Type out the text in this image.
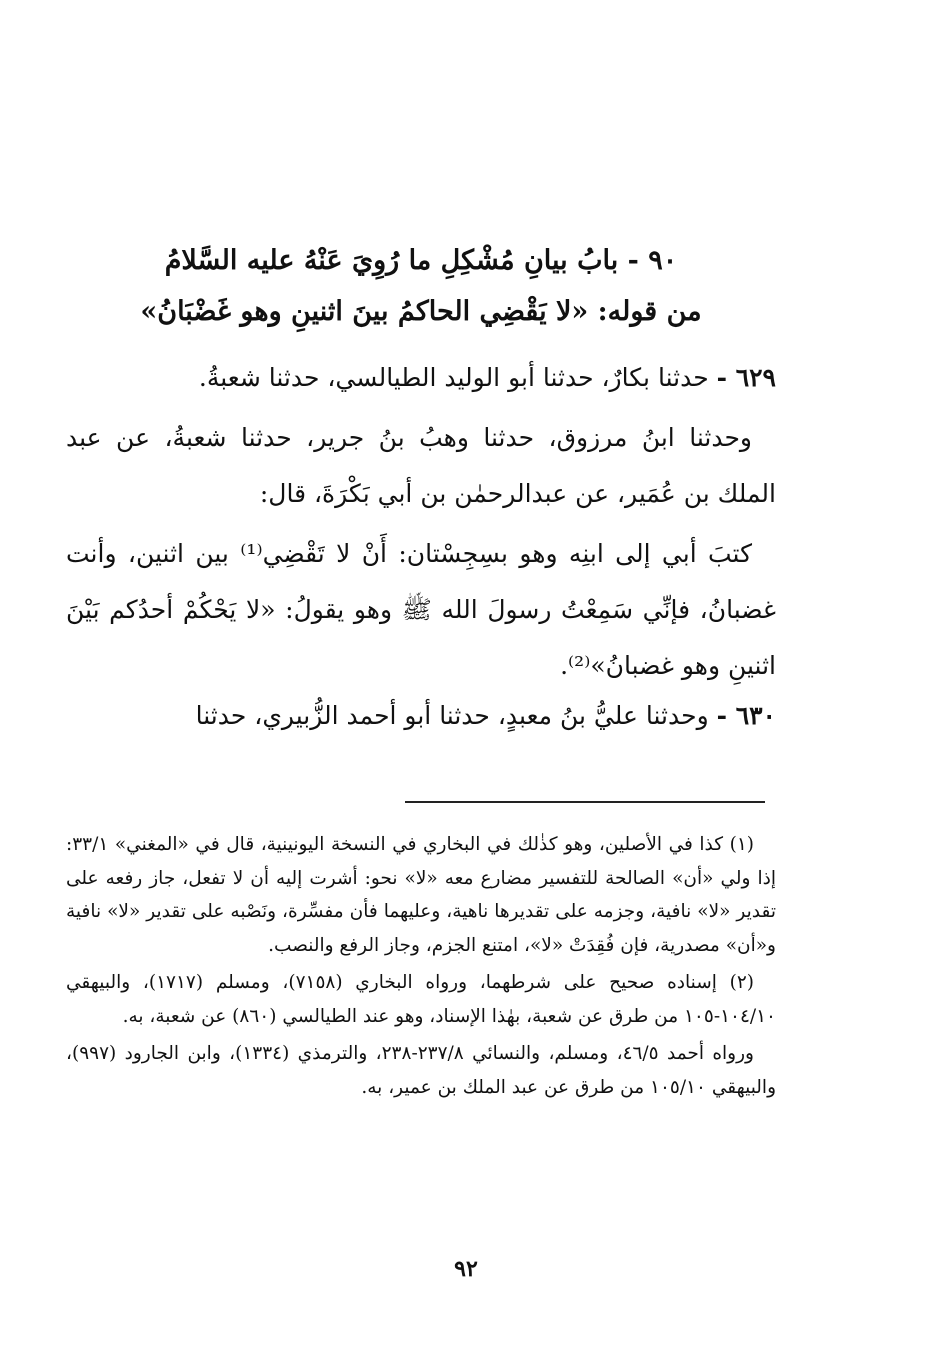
٩٠ - بابُ بيانِ مُشْكِلِ ما رُوِيَ عَنْهُ عليه السَّلامُ
من قوله: «لا يَقْضِي الحاكمُ بينَ اثنينِ وهو غَضْبَانُ»

٦٢٩ - حدثنا بكارٌ، حدثنا أبو الوليد الطيالسي، حدثنا شعبةُ.

وحدثنا ابنُ مرزوق، حدثنا وهبُ بنُ جرير، حدثنا شعبةُ، عن عبد الملك بن عُمَير، عن عبدالرحمٰن بن أبي بَكْرَةَ، قال:

كتبَ أبي إلى ابنِه وهو بسِجِسْتان: أَنْ لا تَقْضِي⁽¹⁾ بين اثنين، وأنت غضبانُ، فإنِّي سَمِعْتُ رسولَ الله ﷺ وهو يقولُ: «لا يَحْكُمْ أحدُكم بَيْنَ اثنينِ وهو غضبانُ»⁽²⁾.

٦٣٠ - وحدثنا عليُّ بنُ معبدٍ، حدثنا أبو أحمد الزُّبيري، حدثنا

(١) كذا في الأصلين، وهو كذٰلك في البخاري في النسخة اليونينية، قال في «المغني» ٣٣/١: إذا ولي «أن» الصالحة للتفسير مضارع معه «لا» نحو: أشرت إليه أن لا تفعل، جاز رفعه على تقدير «لا» نافية، وجزمه على تقديرها ناهية، وعليهما فأن مفسِّرة، ونَصْبه على تقدير «لا» نافية و«أن» مصدرية، فإن فُقِدَتْ «لا»، امتنع الجزم، وجاز الرفع والنصب.

(٢) إسناده صحيح على شرطهما، ورواه البخاري (٧١٥٨)، ومسلم (١٧١٧)، والبيهقي ١٠٤/١٠-١٠٥ من طرق عن شعبة، بهٰذا الإسناد، وهو عند الطيالسي (٨٦٠) عن شعبة، به.

ورواه أحمد ٤٦/٥، ومسلم، والنسائي ٢٣٧/٨-٢٣٨، والترمذي (١٣٣٤)، وابن الجارود (٩٩٧)، والبيهقي ١٠٥/١٠ من طرق عن عبد الملك بن عمير، به.

٩٢
